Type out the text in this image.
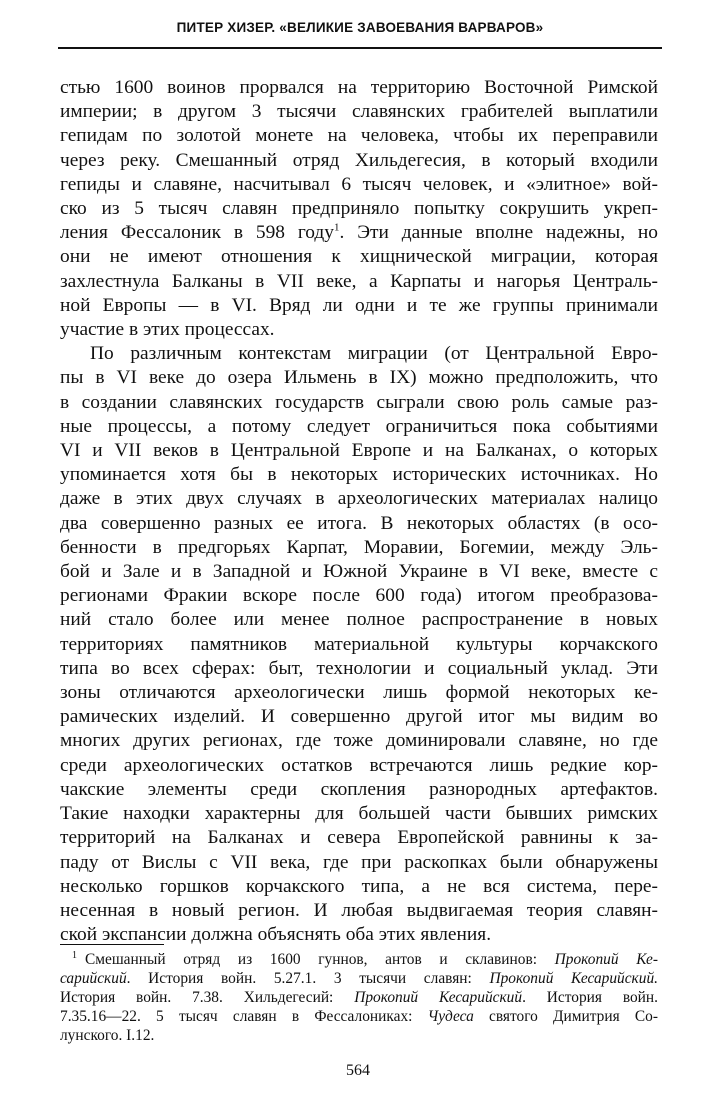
ПИТЕР ХИЗЕР. «ВЕЛИКИЕ ЗАВОЕВАНИЯ ВАРВАРОВ»

стью 1600 воинов прорвался на территорию Восточной Римской
империи; в другом 3 тысячи славянских грабителей выплатили
гепидам по золотой монете на человека, чтобы их переправили
через реку. Смешанный отряд Хильдегесия, в который входили
гепиды и славяне, насчитывал 6 тысяч человек, и «элитное» вой-
ско из 5 тысяч славян предприняло попытку сокрушить укреп-
ления Фессалоник в 598 году$^1$. Эти данные вполне надежны, но
они не имеют отношения к хищнической миграции, которая
захлестнула Балканы в VII веке, а Карпаты и нагорья Централь-
ной Европы — в VI. Вряд ли одни и те же группы принимали
участие в этих процессах.

По различным контекстам миграции (от Центральной Евро-
пы в VI веке до озера Ильмень в IX) можно предположить, что
в создании славянских государств сыграли свою роль самые раз-
ные процессы, а потому следует ограничиться пока событиями
VI и VII веков в Центральной Европе и на Балканах, о которых
упоминается хотя бы в некоторых исторических источниках. Но
даже в этих двух случаях в археологических материалах налицо
два совершенно разных ее итога. В некоторых областях (в осо-
бенности в предгорьях Карпат, Моравии, Богемии, между Эль-
бой и Зале и в Западной и Южной Украине в VI веке, вместе с
регионами Фракии вскоре после 600 года) итогом преобразова-
ний стало более или менее полное распространение в новых
территориях памятников материальной культуры корчакского
типа во всех сферах: быт, технологии и социальный уклад. Эти
зоны отличаются археологически лишь формой некоторых ке-
рамических изделий. И совершенно другой итог мы видим во
многих других регионах, где тоже доминировали славяне, но где
среди археологических остатков встречаются лишь редкие кор-
чакские элементы среди скопления разнородных артефактов.
Такие находки характерны для большей части бывших римских
территорий на Балканах и севера Европейской равнины к за-
паду от Вислы с VII века, где при раскопках были обнаружены
несколько горшков корчакского типа, а не вся система, пере-
несенная в новый регион. И любая выдвигаемая теория славян-
ской экспансии должна объяснять оба этих явления.

$^1$ Смешанный отряд из 1600 гуннов, антов и склавинов: Прокопий Ке-
сарийский. История войн. 5.27.1. 3 тысячи славян: Прокопий Кесарийский.
История войн. 7.38. Хильдегесий: Прокопий Кесарийский. История войн.
7.35.16—22. 5 тысяч славян в Фессалониках: Чудеса святого Димитрия Со-
лунского. I.12.
564
